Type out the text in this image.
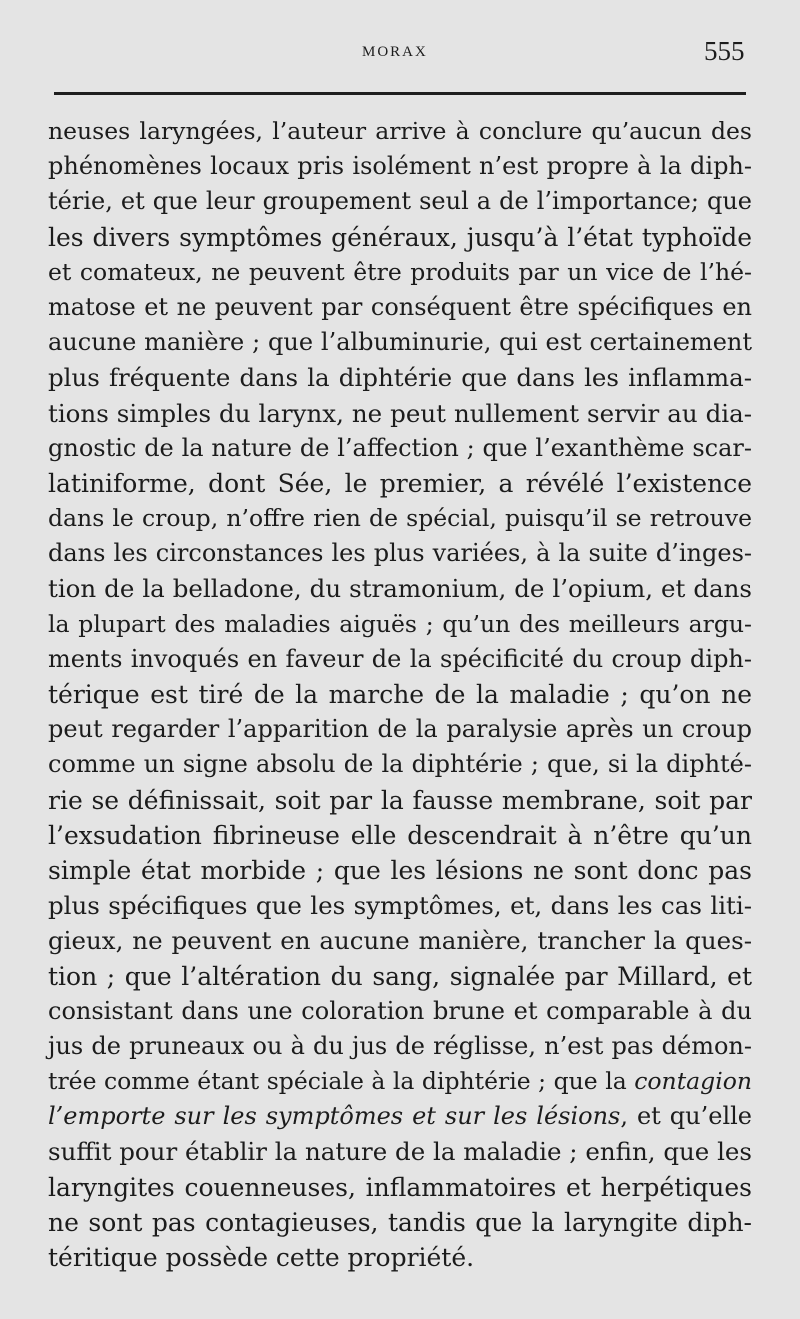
MORAX	555
neuses laryngées, l’auteur arrive à conclure qu’aucun des
phénomènes locaux pris isolément n’est propre à la diph-
térie, et que leur groupement seul a de l’importance; que
les divers symptômes généraux, jusqu’à l’état typhoïde
et comateux, ne peuvent être produits par un vice de l’hé-
matose et ne peuvent par conséquent être spécifiques en
aucune manière ; que l’albuminurie, qui est certainement
plus fréquente dans la diphtérie que dans les inflamma-
tions simples du larynx, ne peut nullement servir au dia-
gnostic de la nature de l’affection ; que l’exanthème scar-
latiniforme, dont Sée, le premier, a révélé l’existence
dans le croup, n’offre rien de spécial, puisqu’il se retrouve
dans les circonstances les plus variées, à la suite d’inges-
tion de la belladone, du stramonium, de l’opium, et dans
la plupart des maladies aiguës ; qu’un des meilleurs argu-
ments invoqués en faveur de la spécificité du croup diph-
térique est tiré de la marche de la maladie ; qu’on ne
peut regarder l’apparition de la paralysie après un croup
comme un signe absolu de la diphtérie ; que, si la diphté-
rie se définissait, soit par la fausse membrane, soit par
l’exsudation fibrineuse elle descendrait à n’être qu’un
simple état morbide ; que les lésions ne sont donc pas
plus spécifiques que les symptômes, et, dans les cas liti-
gieux, ne peuvent en aucune manière, trancher la ques-
tion ; que l’altération du sang, signalée par Millard, et
consistant dans une coloration brune et comparable à du
jus de pruneaux ou à du jus de réglisse, n’est pas démon-
trée comme étant spéciale à la diphtérie ; que la contagion
l’emporte sur les symptômes et sur les lésions, et qu’elle
suffit pour établir la nature de la maladie ; enfin, que les
laryngites couenneuses, inflammatoires et herpétiques
ne sont pas contagieuses, tandis que la laryngite diph-
téritique possède cette propriété.
